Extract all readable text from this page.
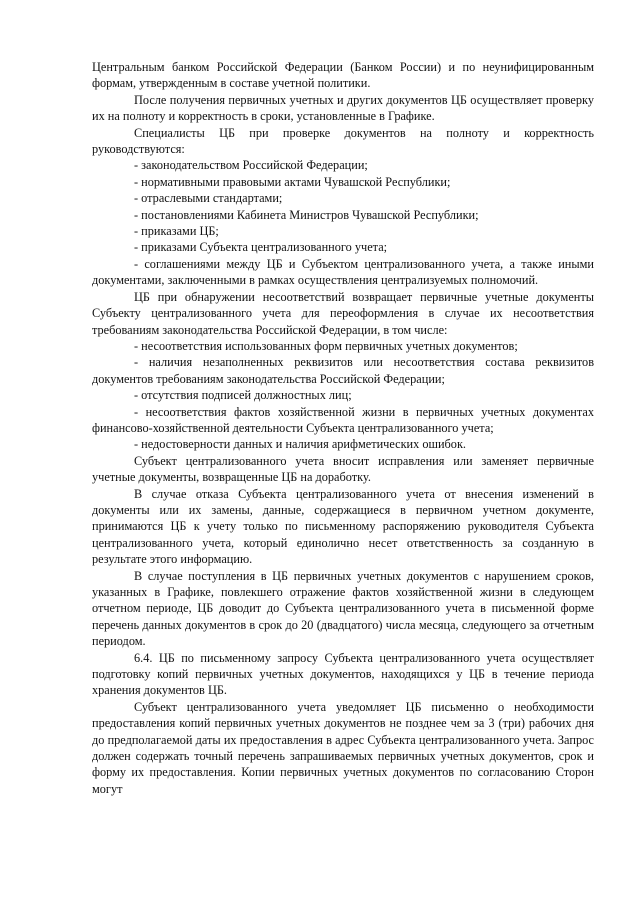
Центральным банком Российской Федерации (Банком России) и по неунифицированным формам, утвержденным в составе учетной политики.

После получения первичных учетных и других документов ЦБ осуществляет проверку их на полноту и корректность в сроки, установленные в Графике.

Специалисты ЦБ при проверке документов на полноту и корректность руководствуются:

- законодательством Российской Федерации;

- нормативными правовыми актами Чувашской Республики;

- отраслевыми стандартами;

- постановлениями Кабинета Министров Чувашской Республики;

- приказами ЦБ;

- приказами Субъекта централизованного учета;

- соглашениями между ЦБ и Субъектом централизованного учета, а также иными документами, заключенными в рамках осуществления централизуемых полномочий.

ЦБ при обнаружении несоответствий возвращает первичные учетные документы Субъекту централизованного учета для переоформления в случае их несоответствия требованиям законодательства Российской Федерации, в том числе:

- несоответствия использованных форм первичных учетных документов;

- наличия незаполненных реквизитов или несоответствия состава реквизитов документов требованиям законодательства Российской Федерации;

- отсутствия подписей должностных лиц;

- несоответствия фактов хозяйственной жизни в первичных учетных документах финансово-хозяйственной деятельности Субъекта централизованного учета;

- недостоверности данных и наличия арифметических ошибок.

Субъект централизованного учета вносит исправления или заменяет первичные учетные документы, возвращенные ЦБ на доработку.

В случае отказа Субъекта централизованного учета от внесения изменений в документы или их замены, данные, содержащиеся в первичном учетном документе, принимаются ЦБ к учету только по письменному распоряжению руководителя Субъекта централизованного учета, который единолично несет ответственность за созданную в результате этого информацию.

В случае поступления в ЦБ первичных учетных документов с нарушением сроков, указанных в Графике, повлекшего отражение фактов хозяйственной жизни в следующем отчетном периоде, ЦБ доводит до Субъекта централизованного учета в письменной форме перечень данных документов в срок до 20 (двадцатого) числа месяца, следующего за отчетным периодом.

6.4. ЦБ по письменному запросу Субъекта централизованного учета осуществляет подготовку копий первичных учетных документов, находящихся у ЦБ в течение периода хранения документов ЦБ.

Субъект централизованного учета уведомляет ЦБ письменно о необходимости предоставления копий первичных учетных документов не позднее чем за 3 (три) рабочих дня до предполагаемой даты их предоставления в адрес Субъекта централизованного учета. Запрос должен содержать точный перечень запрашиваемых первичных учетных документов, срок и форму их предоставления. Копии первичных учетных документов по согласованию Сторон могут
